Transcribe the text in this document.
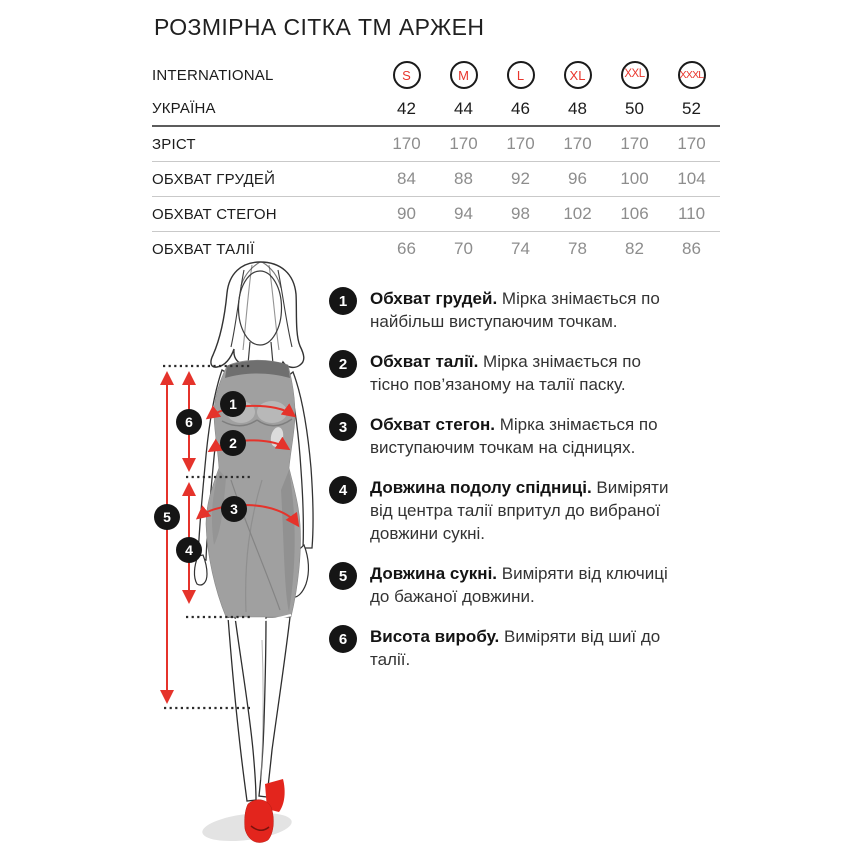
РОЗМІРНА СІТКА ТМ АРЖЕН
INTERNATIONAL	S	M	L	XL	XXL	XXXL
УКРАЇНА	42	44	46	48	50	52
ЗРІСТ	170	170	170	170	170	170
ОБХВАТ ГРУДЕЙ	84	88	92	96	100	104
ОБХВАТ СТЕГОН	90	94	98	102	106	110
ОБХВАТ ТАЛІЇ	66	70	74	78	82	86
1
2
3
4
5
6
1	Обхват грудей. Мірка знімається по найбільш виступаючим точкам.
2	Обхват талії. Мірка знімається по тісно пов’язаному на талії паску.
3	Обхват стегон. Мірка знімається по виступаючим точкам на сідницях.
4	Довжина подолу спідниці. Виміряти від центра талії впритул до вибраної довжини сукні.
5	Довжина сукні. Виміряти від ключиці до бажаної довжини.
6	Висота виробу. Виміряти від шиї до талії.
